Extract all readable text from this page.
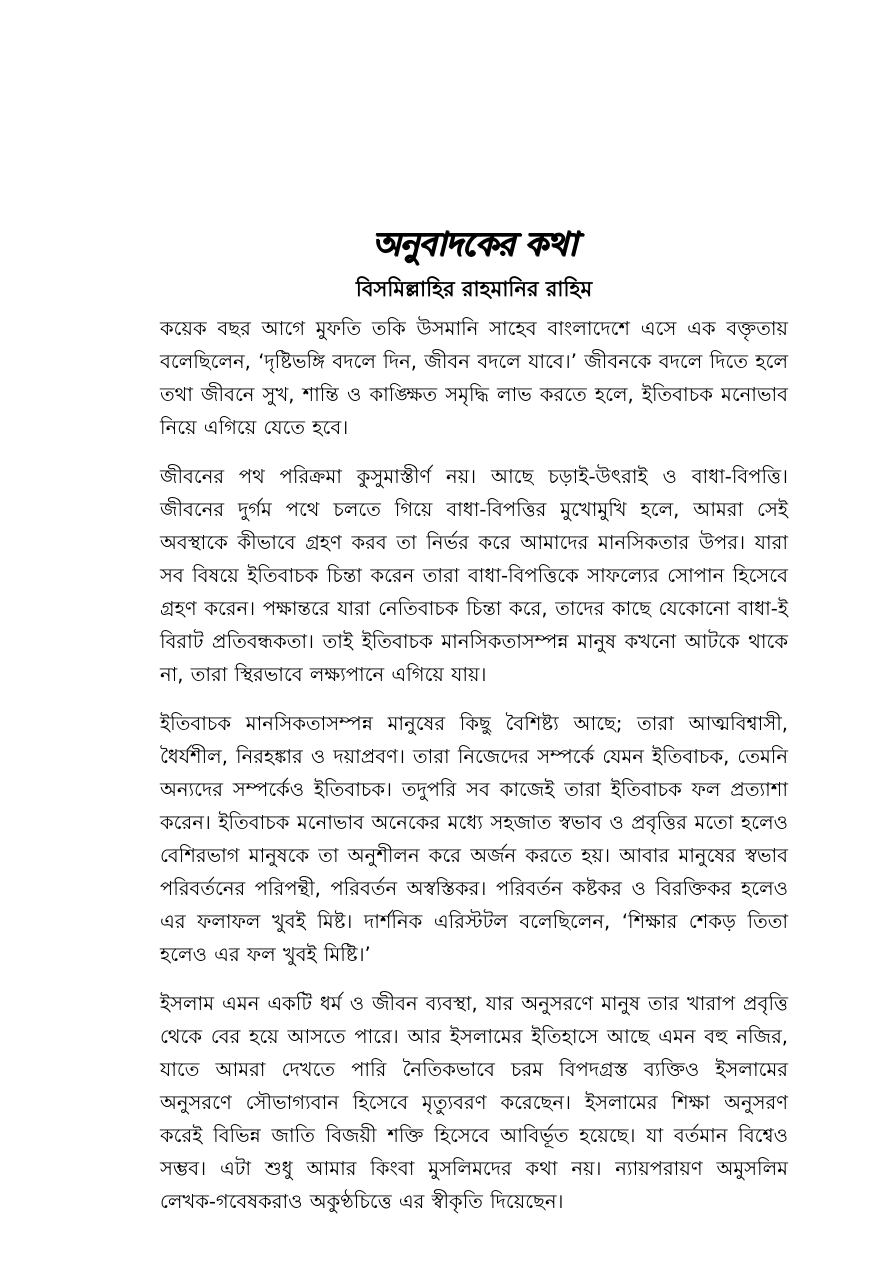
অনুবাদকের কথা
বিসমিল্লাহির রাহমানির রাহিম

কয়েক বছর আগে মুফতি তকি উসমানি সাহেব বাংলাদেশে এসে এক বক্তৃতায় বলেছিলেন, ‘দৃষ্টিভঙ্গি বদলে দিন, জীবন বদলে যাবে।’ জীবনকে বদলে দিতে হলে তথা জীবনে সুখ, শান্তি ও কাঙ্ক্ষিত সমৃদ্ধি লাভ করতে হলে, ইতিবাচক মনোভাব নিয়ে এগিয়ে যেতে হবে।

জীবনের পথ পরিক্রমা কুসুমাস্তীর্ণ নয়। আছে চড়াই-উৎরাই ও বাধা-বিপত্তি। জীবনের দুর্গম পথে চলতে গিয়ে বাধা-বিপত্তির মুখোমুখি হলে, আমরা সেই অবস্থাকে কীভাবে গ্রহণ করব তা নির্ভর করে আমাদের মানসিকতার উপর। যারা সব বিষয়ে ইতিবাচক চিন্তা করেন তারা বাধা-বিপত্তিকে সাফল্যের সোপান হিসেবে গ্রহণ করেন। পক্ষান্তরে যারা নেতিবাচক চিন্তা করে, তাদের কাছে যেকোনো বাধা-ই বিরাট প্রতিবন্ধকতা। তাই ইতিবাচক মানসিকতাসম্পন্ন মানুষ কখনো আটকে থাকে না, তারা স্থিরভাবে লক্ষ্যপানে এগিয়ে যায়।

ইতিবাচক মানসিকতাসম্পন্ন মানুষের কিছু বৈশিষ্ট্য আছে; তারা আত্মবিশ্বাসী, ধৈর্যশীল, নিরহঙ্কার ও দয়াপ্রবণ। তারা নিজেদের সম্পর্কে যেমন ইতিবাচক, তেমনি অন্যদের সম্পর্কেও ইতিবাচক। তদুপরি সব কাজেই তারা ইতিবাচক ফল প্রত্যাশা করেন। ইতিবাচক মনোভাব অনেকের মধ্যে সহজাত স্বভাব ও প্রবৃত্তির মতো হলেও বেশিরভাগ মানুষকে তা অনুশীলন করে অর্জন করতে হয়। আবার মানুষের স্বভাব পরিবর্তনের পরিপন্থী, পরিবর্তন অস্বস্তিকর। পরিবর্তন কষ্টকর ও বিরক্তিকর হলেও এর ফলাফল খুবই মিষ্ট। দার্শনিক এরিস্টটল বলেছিলেন, ‘শিক্ষার শেকড় তিতা হলেও এর ফল খুবই মিষ্টি।’

ইসলাম এমন একটি ধর্ম ও জীবন ব্যবস্থা, যার অনুসরণে মানুষ তার খারাপ প্রবৃত্তি থেকে বের হয়ে আসতে পারে। আর ইসলামের ইতিহাসে আছে এমন বহু নজির, যাতে আমরা দেখতে পারি নৈতিকভাবে চরম বিপদগ্রস্ত ব্যক্তিও ইসলামের অনুসরণে সৌভাগ্যবান হিসেবে মৃত্যুবরণ করেছেন। ইসলামের শিক্ষা অনুসরণ করেই বিভিন্ন জাতি বিজয়ী শক্তি হিসেবে আবির্ভূত হয়েছে। যা বর্তমান বিশ্বেও সম্ভব। এটা শুধু আমার কিংবা মুসলিমদের কথা নয়। ন্যায়পরায়ণ অমুসলিম লেখক-গবেষকরাও অকুণ্ঠচিত্তে এর স্বীকৃতি দিয়েছেন।
